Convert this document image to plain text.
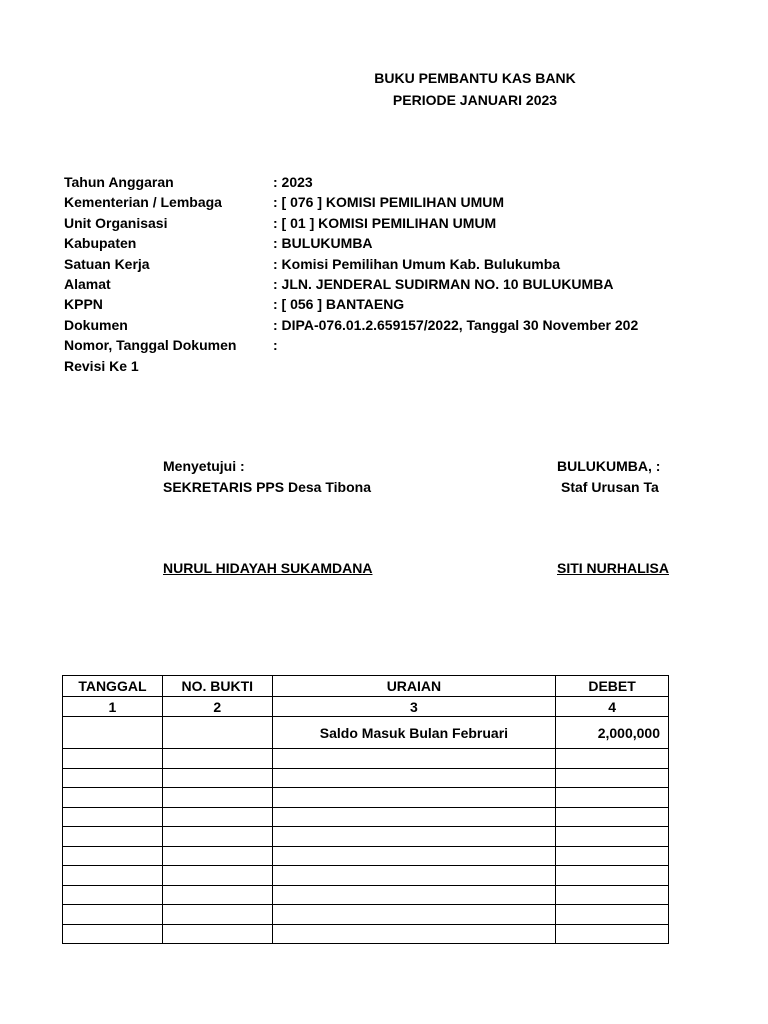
BUKU PEMBANTU KAS BANK
PERIODE JANUARI 2023
Tahun Anggaran	: 2023
Kementerian / Lembaga	: [ 076 ] KOMISI PEMILIHAN UMUM
Unit Organisasi	: [ 01 ] KOMISI PEMILIHAN UMUM
Kabupaten	: BULUKUMBA
Satuan Kerja	: Komisi Pemilihan Umum Kab. Bulukumba
Alamat	: JLN. JENDERAL SUDIRMAN NO. 10 BULUKUMBA
KPPN	: [ 056 ] BANTAENG
Dokumen	: DIPA-076.01.2.659157/2022, Tanggal 30 November 202
Nomor, Tanggal Dokumen	:
Revisi Ke 1
Menyetujui :
SEKRETARIS PPS Desa Tibona
NURUL HIDAYAH SUKAMDANA
BULUKUMBA, :
Staf Urusan Ta
SITI NURHALISA
TANGGAL	NO. BUKTI	URAIAN	DEBET
1	2	3	4
		Saldo Masuk Bulan Februari	2,000,000
